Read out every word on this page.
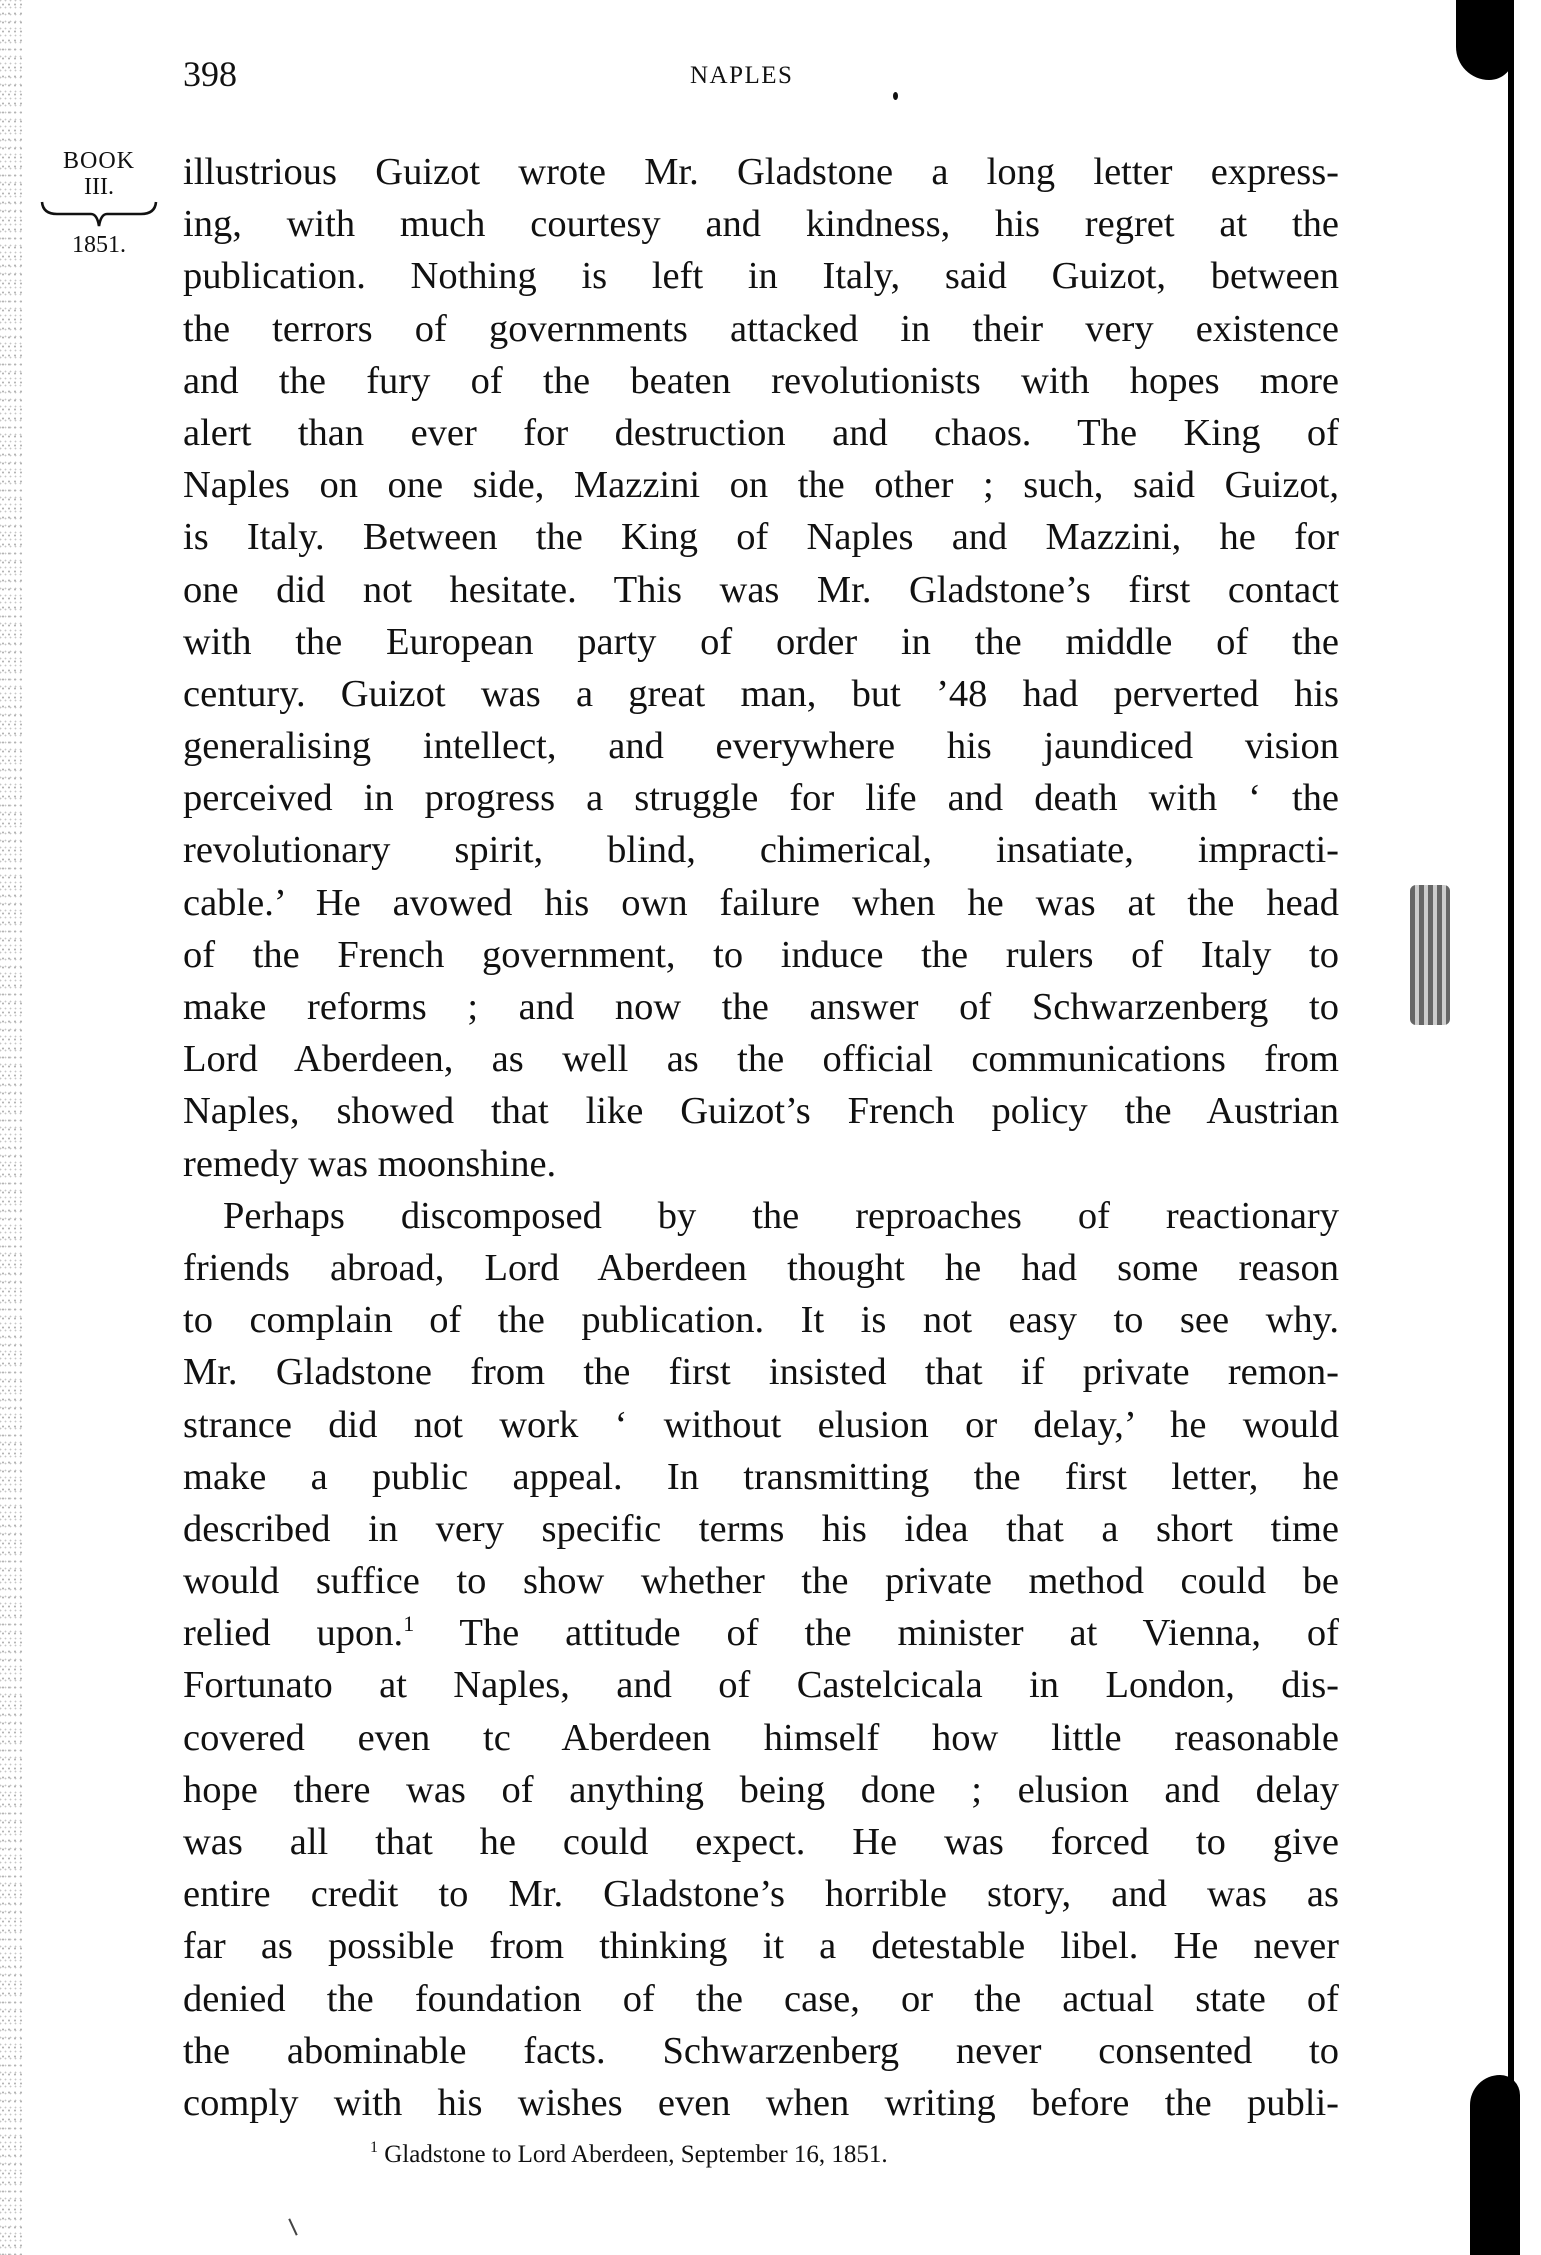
398	NAPLES
BOOK
III.
1851.
illustrious Guizot wrote Mr. Gladstone a long letter express-
ing, with much courtesy and kindness, his regret at the
publication. Nothing is left in Italy, said Guizot, between
the terrors of governments attacked in their very existence
and the fury of the beaten revolutionists with hopes more
alert than ever for destruction and chaos. The King of
Naples on one side, Mazzini on the other ; such, said Guizot,
is Italy. Between the King of Naples and Mazzini, he for
one did not hesitate. This was Mr. Gladstone’s first contact
with the European party of order in the middle of the
century. Guizot was a great man, but ’48 had perverted his
generalising intellect, and everywhere his jaundiced vision
perceived in progress a struggle for life and death with ‘ the
revolutionary spirit, blind, chimerical, insatiate, impracti-
cable.’ He avowed his own failure when he was at the head
of the French government, to induce the rulers of Italy to
make reforms ; and now the answer of Schwarzenberg to
Lord Aberdeen, as well as the official communications from
Naples, showed that like Guizot’s French policy the Austrian
remedy was moonshine.
Perhaps discomposed by the reproaches of reactionary
friends abroad, Lord Aberdeen thought he had some reason
to complain of the publication. It is not easy to see why.
Mr. Gladstone from the first insisted that if private remon-
strance did not work ‘ without elusion or delay,’ he would
make a public appeal. In transmitting the first letter, he
described in very specific terms his idea that a short time
would suffice to show whether the private method could be
relied upon.$^1$ The attitude of the minister at Vienna, of
Fortunato at Naples, and of Castelcicala in London, dis-
covered even tc Aberdeen himself how little reasonable
hope there was of anything being done ; elusion and delay
was all that he could expect. He was forced to give
entire credit to Mr. Gladstone’s horrible story, and was as
far as possible from thinking it a detestable libel. He never
denied the foundation of the case, or the actual state of
the abominable facts. Schwarzenberg never consented to
comply with his wishes even when writing before the publi-
$^1$ Gladstone to Lord Aberdeen, September 16, 1851.
